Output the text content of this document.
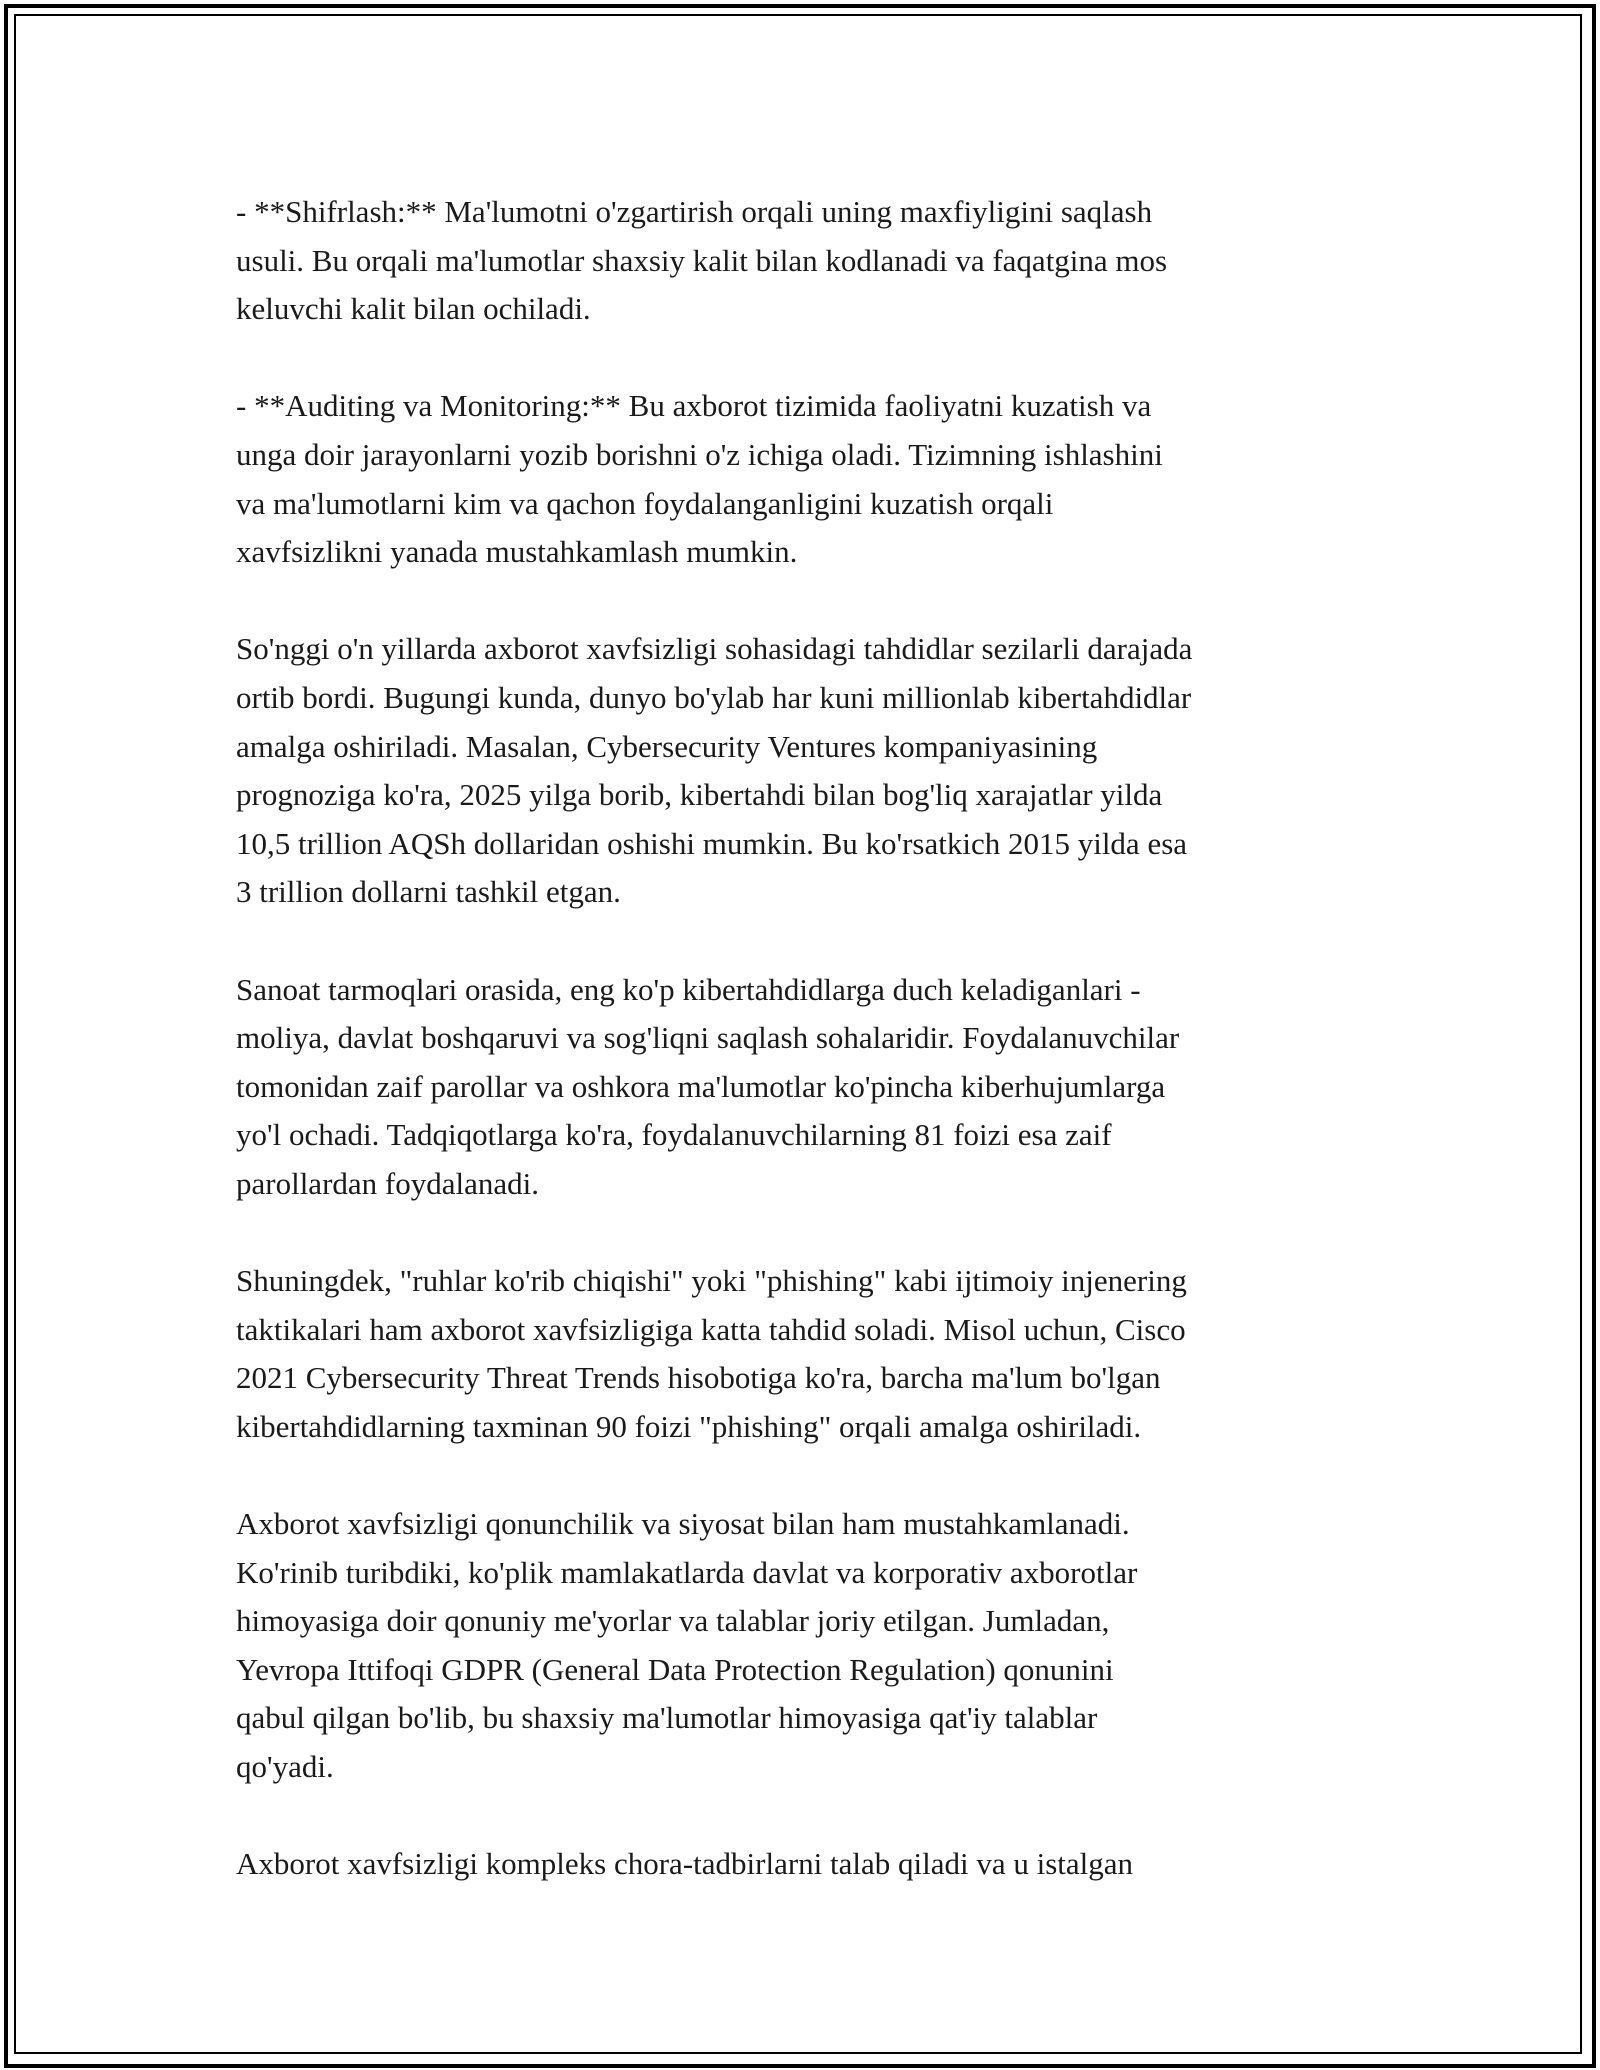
- **Shifrlash:** Ma'lumotni o'zgartirish orqali uning maxfiyligini saqlash
usuli. Bu orqali ma'lumotlar shaxsiy kalit bilan kodlanadi va faqatgina mos
keluvchi kalit bilan ochiladi.

- **Auditing va Monitoring:** Bu axborot tizimida faoliyatni kuzatish va
unga doir jarayonlarni yozib borishni o'z ichiga oladi. Tizimning ishlashini
va ma'lumotlarni kim va qachon foydalanganligini kuzatish orqali
xavfsizlikni yanada mustahkamlash mumkin.

So'nggi o'n yillarda axborot xavfsizligi sohasidagi tahdidlar sezilarli darajada
ortib bordi. Bugungi kunda, dunyo bo'ylab har kuni millionlab kibertahdidlar
amalga oshiriladi. Masalan, Cybersecurity Ventures kompaniyasining
prognoziga ko'ra, 2025 yilga borib, kibertahdi bilan bog'liq xarajatlar yilda
10,5 trillion AQSh dollaridan oshishi mumkin. Bu ko'rsatkich 2015 yilda esa
3 trillion dollarni tashkil etgan.

Sanoat tarmoqlari orasida, eng ko'p kibertahdidlarga duch keladiganlari -
moliya, davlat boshqaruvi va sog'liqni saqlash sohalaridir. Foydalanuvchilar
tomonidan zaif parollar va oshkora ma'lumotlar ko'pincha kiberhujumlarga
yo'l ochadi. Tadqiqotlarga ko'ra, foydalanuvchilarning 81 foizi esa zaif
parollardan foydalanadi.

Shuningdek, "ruhlar ko'rib chiqishi" yoki "phishing" kabi ijtimoiy injenering
taktikalari ham axborot xavfsizligiga katta tahdid soladi. Misol uchun, Cisco
2021 Cybersecurity Threat Trends hisobotiga ko'ra, barcha ma'lum bo'lgan
kibertahdidlarning taxminan 90 foizi "phishing" orqali amalga oshiriladi.

Axborot xavfsizligi qonunchilik va siyosat bilan ham mustahkamlanadi.
Ko'rinib turibdiki, ko'plik mamlakatlarda davlat va korporativ axborotlar
himoyasiga doir qonuniy me'yorlar va talablar joriy etilgan. Jumladan,
Yevropa Ittifoqi GDPR (General Data Protection Regulation) qonunini
qabul qilgan bo'lib, bu shaxsiy ma'lumotlar himoyasiga qat'iy talablar
qo'yadi.

Axborot xavfsizligi kompleks chora-tadbirlarni talab qiladi va u istalgan
